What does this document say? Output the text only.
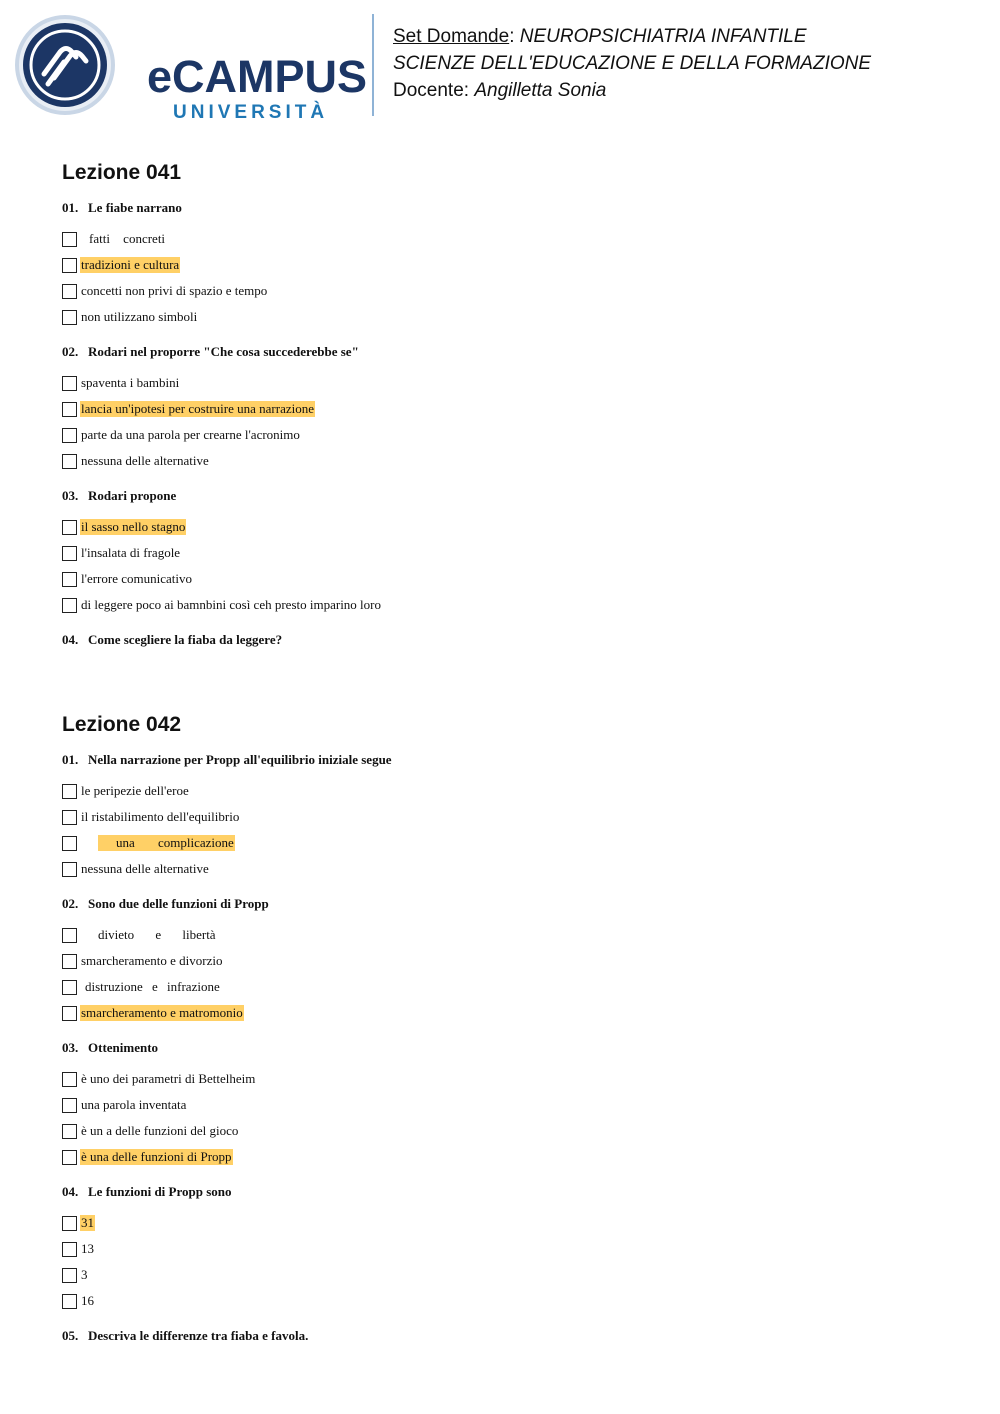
eCAMPUS
UNIVERSITÀ
Set Domande: NEUROPSICHIATRIA INFANTILE
SCIENZE DELL'EDUCAZIONE E DELLA FORMAZIONE
Docente: Angilletta Sonia
Lezione 041
01. Le fiabe narrano
fatti concreti
tradizioni e cultura
concetti non privi di spazio e tempo
non utilizzano simboli
02. Rodari nel proporre "Che cosa succederebbe se"
spaventa i bambini
lancia un'ipotesi per costruire una narrazione
parte da una parola per crearne l'acronimo
nessuna delle alternative
03. Rodari propone
il sasso nello stagno
l'insalata di fragole
l'errore comunicativo
di leggere poco ai bamnbini così ceh presto imparino loro
04. Come scegliere la fiaba da leggere?
Lezione 042
01. Nella narrazione per Propp all'equilibrio iniziale segue
le peripezie dell'eroe
il ristabilimento dell'equilibrio
una complicazione
nessuna delle alternative
02. Sono due delle funzioni di Propp
divieto e libertà
smarcheramento e divorzio
distruzione e infrazione
smarcheramento e matromonio
03. Ottenimento
è uno dei parametri di Bettelheim
una parola inventata
è un a delle funzioni del gioco
è una delle funzioni di Propp
04. Le funzioni di Propp sono
31
13
3
16
05. Descriva le differenze tra fiaba e favola.
